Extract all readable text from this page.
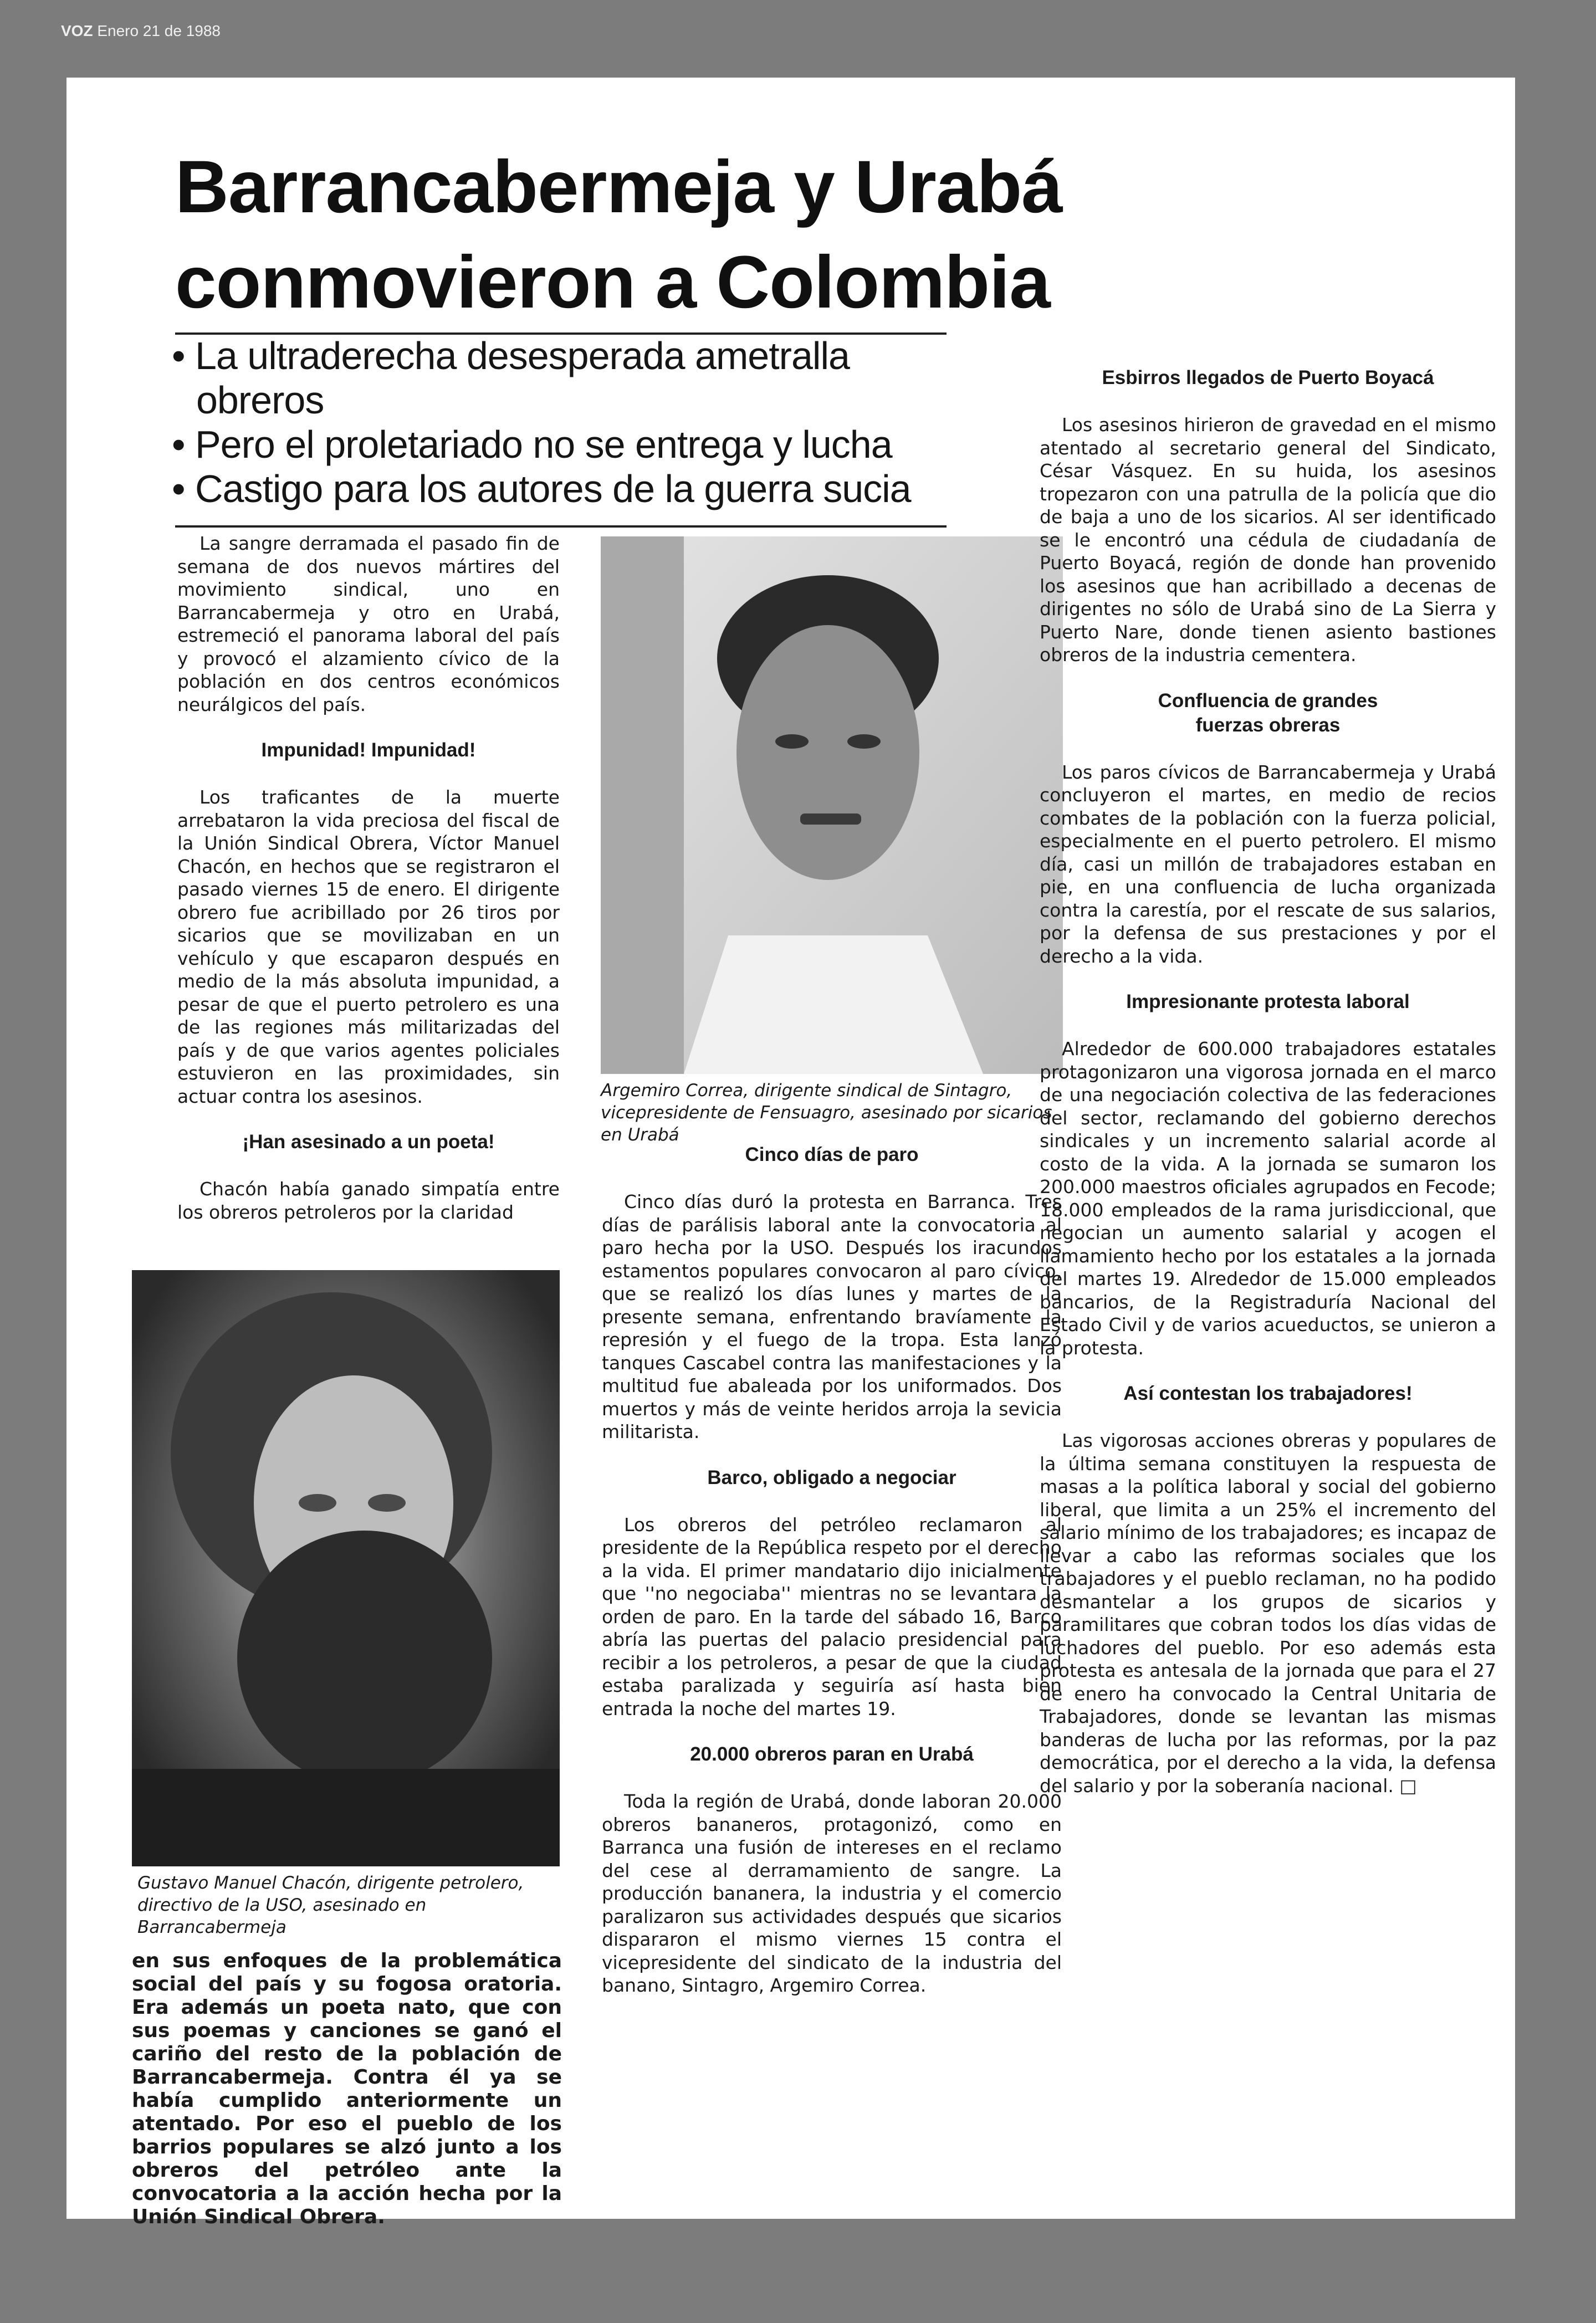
VOZ Enero 21 de 1988
Barrancabermeja y Urabá
conmovieron a Colombia
• La ultraderecha desesperada ametralla obreros
• Pero el proletariado no se entrega y lucha
• Castigo para los autores de la guerra sucia

La sangre derramada el pasado fin de semana de dos nuevos mártires del movimiento sindical, uno en Barrancabermeja y otro en Urabá, estremeció el panorama laboral del país y provocó el alzamiento cívico de la población en dos centros económicos neurálgicos del país.

Impunidad! Impunidad!

Los traficantes de la muerte arrebataron la vida preciosa del fiscal de la Unión Sindical Obrera, Víctor Manuel Chacón, en hechos que se registraron el pasado viernes 15 de enero. El dirigente obrero fue acribillado por 26 tiros por sicarios que se movilizaban en un vehículo y que escaparon después en medio de la más absoluta impunidad, a pesar de que el puerto petrolero es una de las regiones más militarizadas del país y de que varios agentes policiales estuvieron en las proximidades, sin actuar contra los asesinos.

¡Han asesinado a un poeta!

Chacón había ganado simpatía entre los obreros petroleros por la claridad

Gustavo Manuel Chacón, dirigente petrolero, directivo de la USO, asesinado en Barrancabermeja

en sus enfoques de la problemática social del país y su fogosa oratoria. Era además un poeta nato, que con sus poemas y canciones se ganó el cariño del resto de la población de Barrancabermeja. Contra él ya se había cumplido anteriormente un atentado. Por eso el pueblo de los barrios populares se alzó junto a los obreros del petróleo ante la convocatoria a la acción hecha por la Unión Sindical Obrera.

Argemiro Correa, dirigente sindical de Sintagro, vicepresidente de Fensuagro, asesinado por sicarios en Urabá
Cinco días de paro

Cinco días duró la protesta en Barranca. Tres días de parálisis laboral ante la convocatoria al paro hecha por la USO. Después los iracundos estamentos populares convocaron al paro cívico, que se realizó los días lunes y martes de la presente semana, enfrentando bravíamente la represión y el fuego de la tropa. Esta lanzó tanques Cascabel contra las manifestaciones y la multitud fue abaleada por los uniformados. Dos muertos y más de veinte heridos arroja la sevicia militarista.

Barco, obligado a negociar

Los obreros del petróleo reclamaron al presidente de la República respeto por el derecho a la vida. El primer mandatario dijo inicialmente que ''no negociaba'' mientras no se levantara la orden de paro. En la tarde del sábado 16, Barco abría las puertas del palacio presidencial para recibir a los petroleros, a pesar de que la ciudad estaba paralizada y seguiría así hasta bien entrada la noche del martes 19.

20.000 obreros paran en Urabá

Toda la región de Urabá, donde laboran 20.000 obreros bananeros, protagonizó, como en Barranca una fusión de intereses en el reclamo del cese al derramamiento de sangre. La producción bananera, la industria y el comercio paralizaron sus actividades después que sicarios dispararon el mismo viernes 15 contra el vicepresidente del sindicato de la industria del banano, Sintagro, Argemiro Correa.

Esbirros llegados de Puerto Boyacá

Los asesinos hirieron de gravedad en el mismo atentado al secretario general del Sindicato, César Vásquez. En su huida, los asesinos tropezaron con una patrulla de la policía que dio de baja a uno de los sicarios. Al ser identificado se le encontró una cédula de ciudadanía de Puerto Boyacá, región de donde han provenido los asesinos que han acribillado a decenas de dirigentes no sólo de Urabá sino de La Sierra y Puerto Nare, donde tienen asiento bastiones obreros de la industria cementera.

Confluencia de grandes
fuerzas obreras

Los paros cívicos de Barrancabermeja y Urabá concluyeron el martes, en medio de recios combates de la población con la fuerza policial, especialmente en el puerto petrolero. El mismo día, casi un millón de trabajadores estaban en pie, en una confluencia de lucha organizada contra la carestía, por el rescate de sus salarios, por la defensa de sus prestaciones y por el derecho a la vida.

Impresionante protesta laboral

Alrededor de 600.000 trabajadores estatales protagonizaron una vigorosa jornada en el marco de una negociación colectiva de las federaciones del sector, reclamando del gobierno derechos sindicales y un incremento salarial acorde al costo de la vida. A la jornada se sumaron los 200.000 maestros oficiales agrupados en Fecode; 18.000 empleados de la rama jurisdiccional, que negocian un aumento salarial y acogen el llamamiento hecho por los estatales a la jornada del martes 19. Alrededor de 15.000 empleados bancarios, de la Registraduría Nacional del Estado Civil y de varios acueductos, se unieron a la protesta.

Así contestan los trabajadores!

Las vigorosas acciones obreras y populares de la última semana constituyen la respuesta de masas a la política laboral y social del gobierno liberal, que limita a un 25% el incremento del salario mínimo de los trabajadores; es incapaz de llevar a cabo las reformas sociales que los trabajadores y el pueblo reclaman, no ha podido desmantelar a los grupos de sicarios y paramilitares que cobran todos los días vidas de luchadores del pueblo. Por eso además esta protesta es antesala de la jornada que para el 27 de enero ha convocado la Central Unitaria de Trabajadores, donde se levantan las mismas banderas de lucha por las reformas, por la paz democrática, por el derecho a la vida, la defensa del salario y por la soberanía nacional. □
